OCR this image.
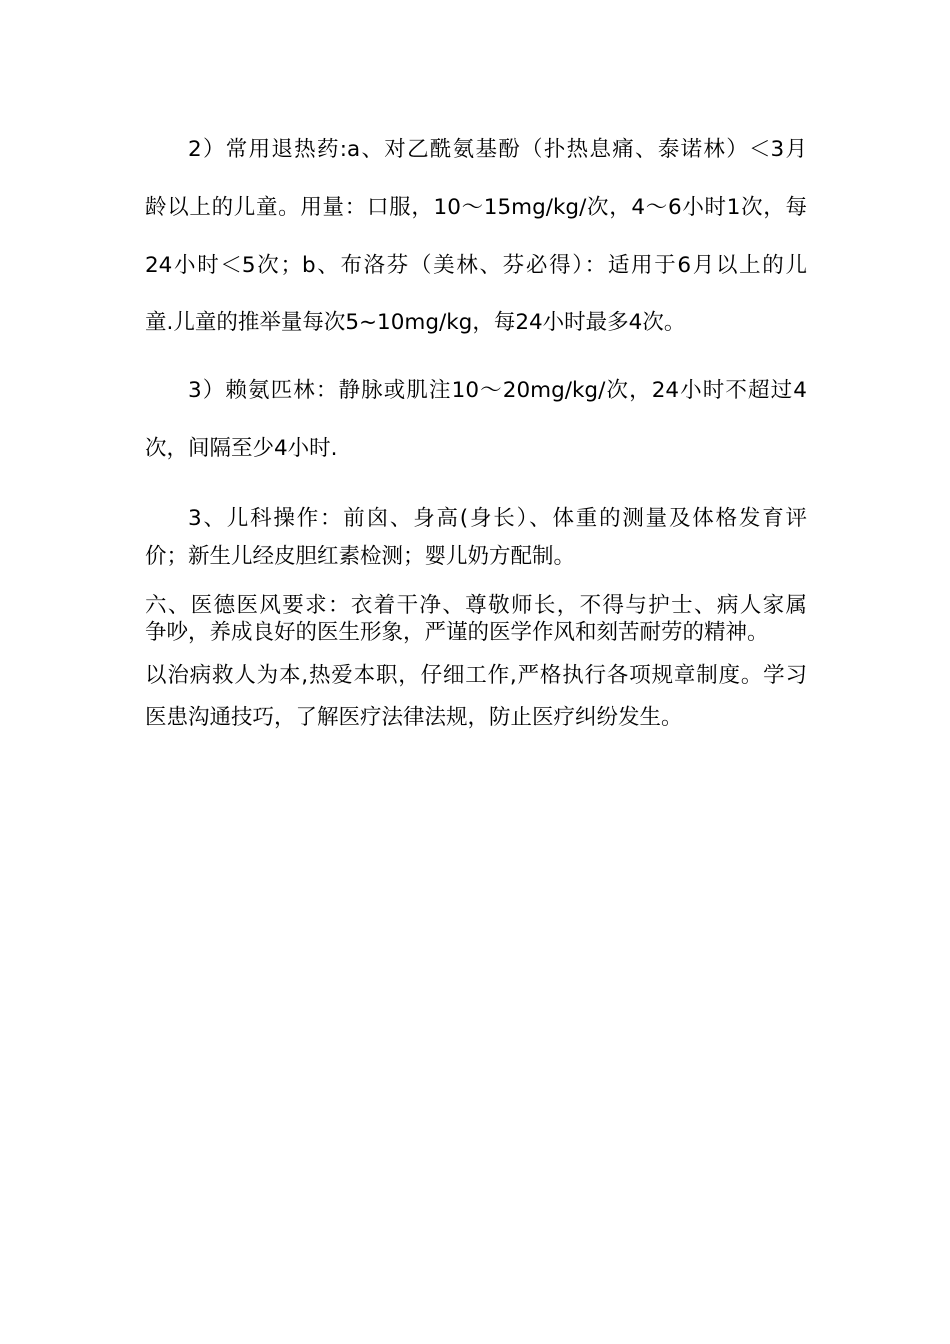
2）常用退热药:a、对乙酰氨基酚（扑热息痛、泰诺林）＜3月
龄以上的儿童。用量：口服，10～15mg/kg/次，4～6小时1次，每
24小时＜5次；b、布洛芬（美林、芬必得）：适用于6月以上的儿
童.儿童的推举量每次5~10mg/kg，每24小时最多4次。
3）赖氨匹林：静脉或肌注10～20mg/kg/次，24小时不超过4
次，间隔至少4小时.
3、儿科操作：前囟、身高(身长）、体重的测量及体格发育评
价；新生儿经皮胆红素检测；婴儿奶方配制。
六、医德医风要求：衣着干净、尊敬师长，不得与护士、病人家属
争吵，养成良好的医生形象，严谨的医学作风和刻苦耐劳的精神。
以治病救人为本,热爱本职，仔细工作,严格执行各项规章制度。学习
医患沟通技巧，了解医疗法律法规，防止医疗纠纷发生。
